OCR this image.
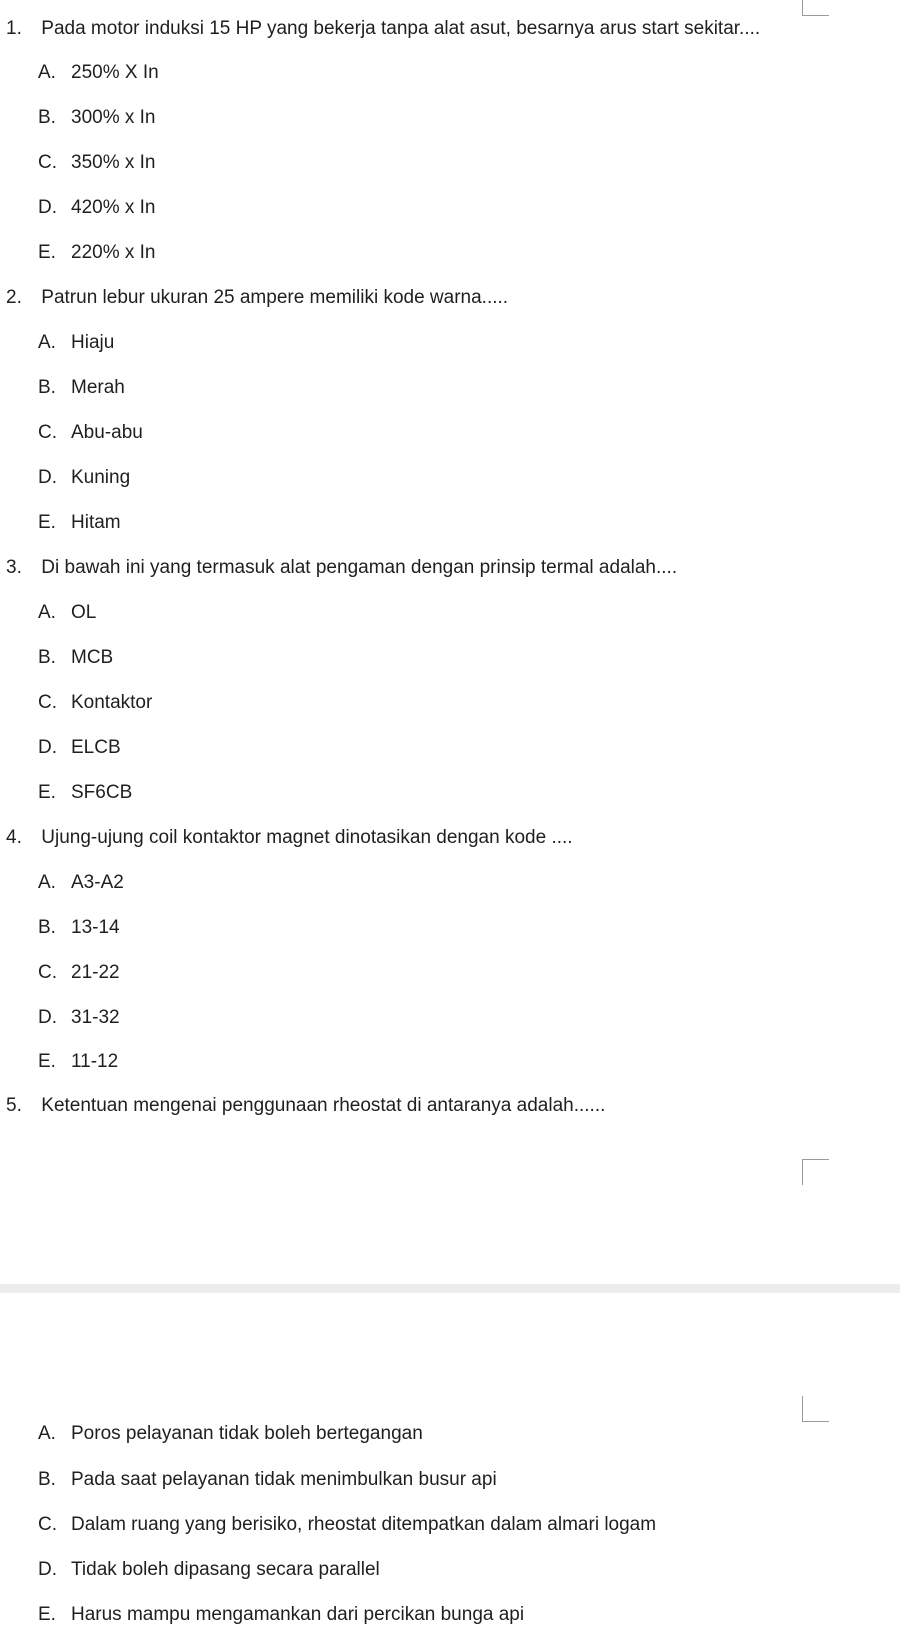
1. Pada motor induksi 15 HP yang bekerja tanpa alat asut, besarnya arus start sekitar....
A. 250% X In
B. 300% x In
C. 350% x In
D. 420% x In
E. 220% x In
2. Patrun lebur ukuran 25 ampere memiliki kode warna.....
A. Hiaju
B. Merah
C. Abu-abu
D. Kuning
E. Hitam
3. Di bawah ini yang termasuk alat pengaman dengan prinsip termal adalah....
A. OL
B. MCB
C. Kontaktor
D. ELCB
E. SF6CB
4. Ujung-ujung coil kontaktor magnet dinotasikan dengan kode ....
A. A3-A2
B. 13-14
C. 21-22
D. 31-32
E. 11-12
5. Ketentuan mengenai penggunaan rheostat di antaranya adalah......
A. Poros pelayanan tidak boleh bertegangan
B. Pada saat pelayanan tidak menimbulkan busur api
C. Dalam ruang yang berisiko, rheostat ditempatkan dalam almari logam
D. Tidak boleh dipasang secara parallel
E. Harus mampu mengamankan dari percikan bunga api
